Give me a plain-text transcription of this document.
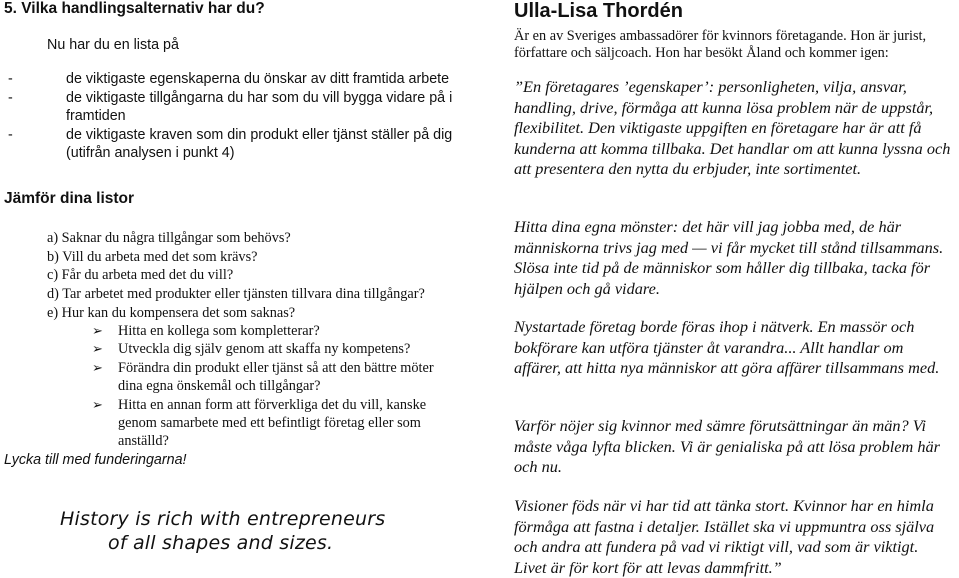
5. Vilka handlingsalternativ har du?
Nu har du en lista på
-	de viktigaste egenskaperna du önskar av ditt framtida arbete
-	de viktigaste tillgångarna du har som du vill bygga vidare på i framtiden
-	de viktigaste kraven som din produkt eller tjänst ställer på dig (utifrån analysen i punkt 4)
Jämför dina listor
a) Saknar du några tillgångar som behövs?
b) Vill du arbeta med det som krävs?
c) Får du arbeta med det du vill?
d) Tar arbetet med produkter eller tjänsten tillvara dina tillgångar?
e) Hur kan du kompensera det som saknas?
➢ Hitta en kollega som kompletterar?
➢ Utveckla dig själv genom att skaffa ny kompetens?
➢ Förändra din produkt eller tjänst så att den bättre möter dina egna önskemål och tillgångar?
➢ Hitta en annan form att förverkliga det du vill, kanske genom samarbete med ett befintligt företag eller som anställd?
Lycka till med funderingarna!
History is rich with entrepreneurs
of all shapes and sizes.
Ulla-Lisa Thordén
Är en av Sveriges ambassadörer för kvinnors företagande. Hon är jurist, författare och säljcoach. Hon har besökt Åland och kommer igen:
”En företagares ’egenskaper’: personligheten, vilja, ansvar, handling, drive, förmåga att kunna lösa problem när de uppstår, flexibilitet. Den viktigaste uppgiften en företagare har är att få kunderna att komma tillbaka. Det handlar om att kunna lyssna och att presentera den nytta du erbjuder, inte sortimentet.
Hitta dina egna mönster: det här vill jag jobba med, de här människorna trivs jag med — vi får mycket till stånd tillsammans. Slösa inte tid på de människor som håller dig tillbaka, tacka för hjälpen och gå vidare.
Nystartade företag borde föras ihop i nätverk. En massör och bokförare kan utföra tjänster åt varandra... Allt handlar om affärer, att hitta nya människor att göra affärer tillsammans med.
Varför nöjer sig kvinnor med sämre förutsättningar än män? Vi måste våga lyfta blicken. Vi är genialiska på att lösa problem här och nu.
Visioner föds när vi har tid att tänka stort. Kvinnor har en himla förmåga att fastna i detaljer. Istället ska vi uppmuntra oss själva och andra att fundera på vad vi riktigt vill, vad som är viktigt. Livet är för kort för att levas dammfritt.”
